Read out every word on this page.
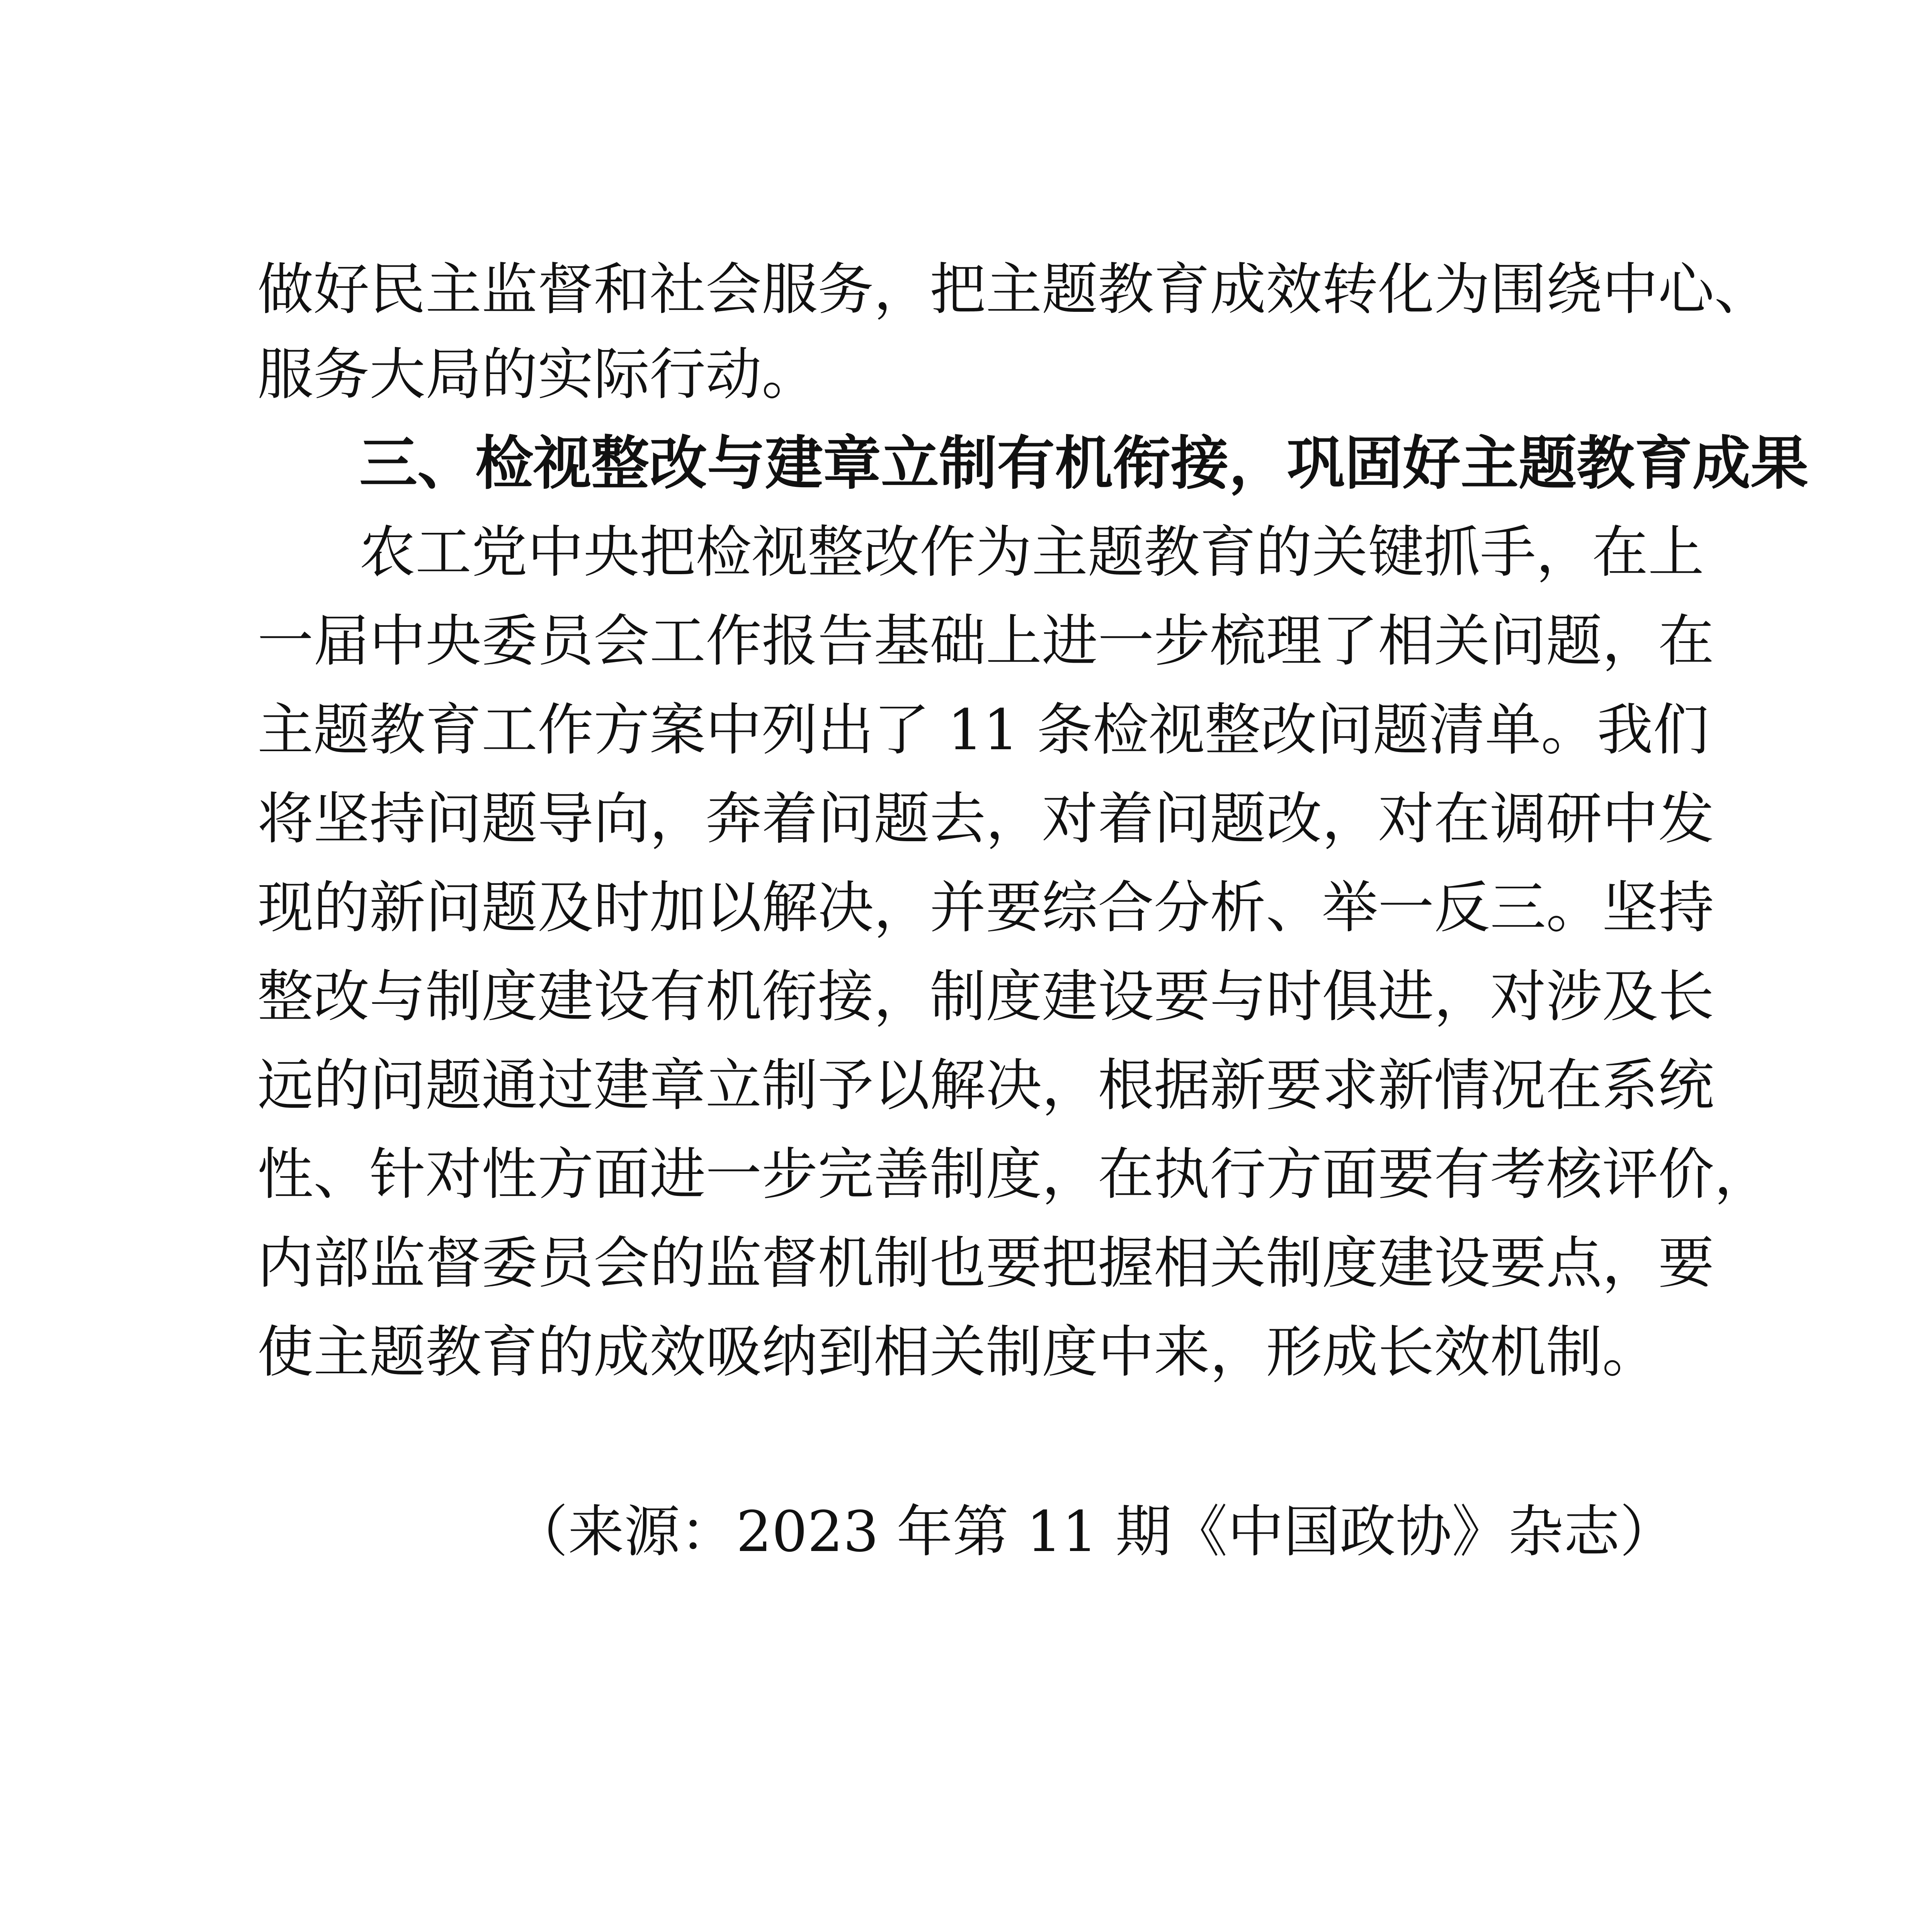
做好民主监督和社会服务，把主题教育成效转化为围绕中心、
服务大局的实际行动。
三、检视整改与建章立制有机衔接，巩固好主题教育成果
农工党中央把检视整改作为主题教育的关键抓手，在上
一届中央委员会工作报告基础上进一步梳理了相关问题，在
主题教育工作方案中列出了 11 条检视整改问题清单。我们
将坚持问题导向，奔着问题去，对着问题改，对在调研中发
现的新问题及时加以解决，并要综合分析、举一反三。坚持
整改与制度建设有机衔接，制度建设要与时俱进，对涉及长
远的问题通过建章立制予以解决，根据新要求新情况在系统
性、针对性方面进一步完善制度，在执行方面要有考核评价，
内部监督委员会的监督机制也要把握相关制度建设要点，要
使主题教育的成效吸纳到相关制度中来，形成长效机制。
（来源：2023 年第 11 期《中国政协》杂志）
